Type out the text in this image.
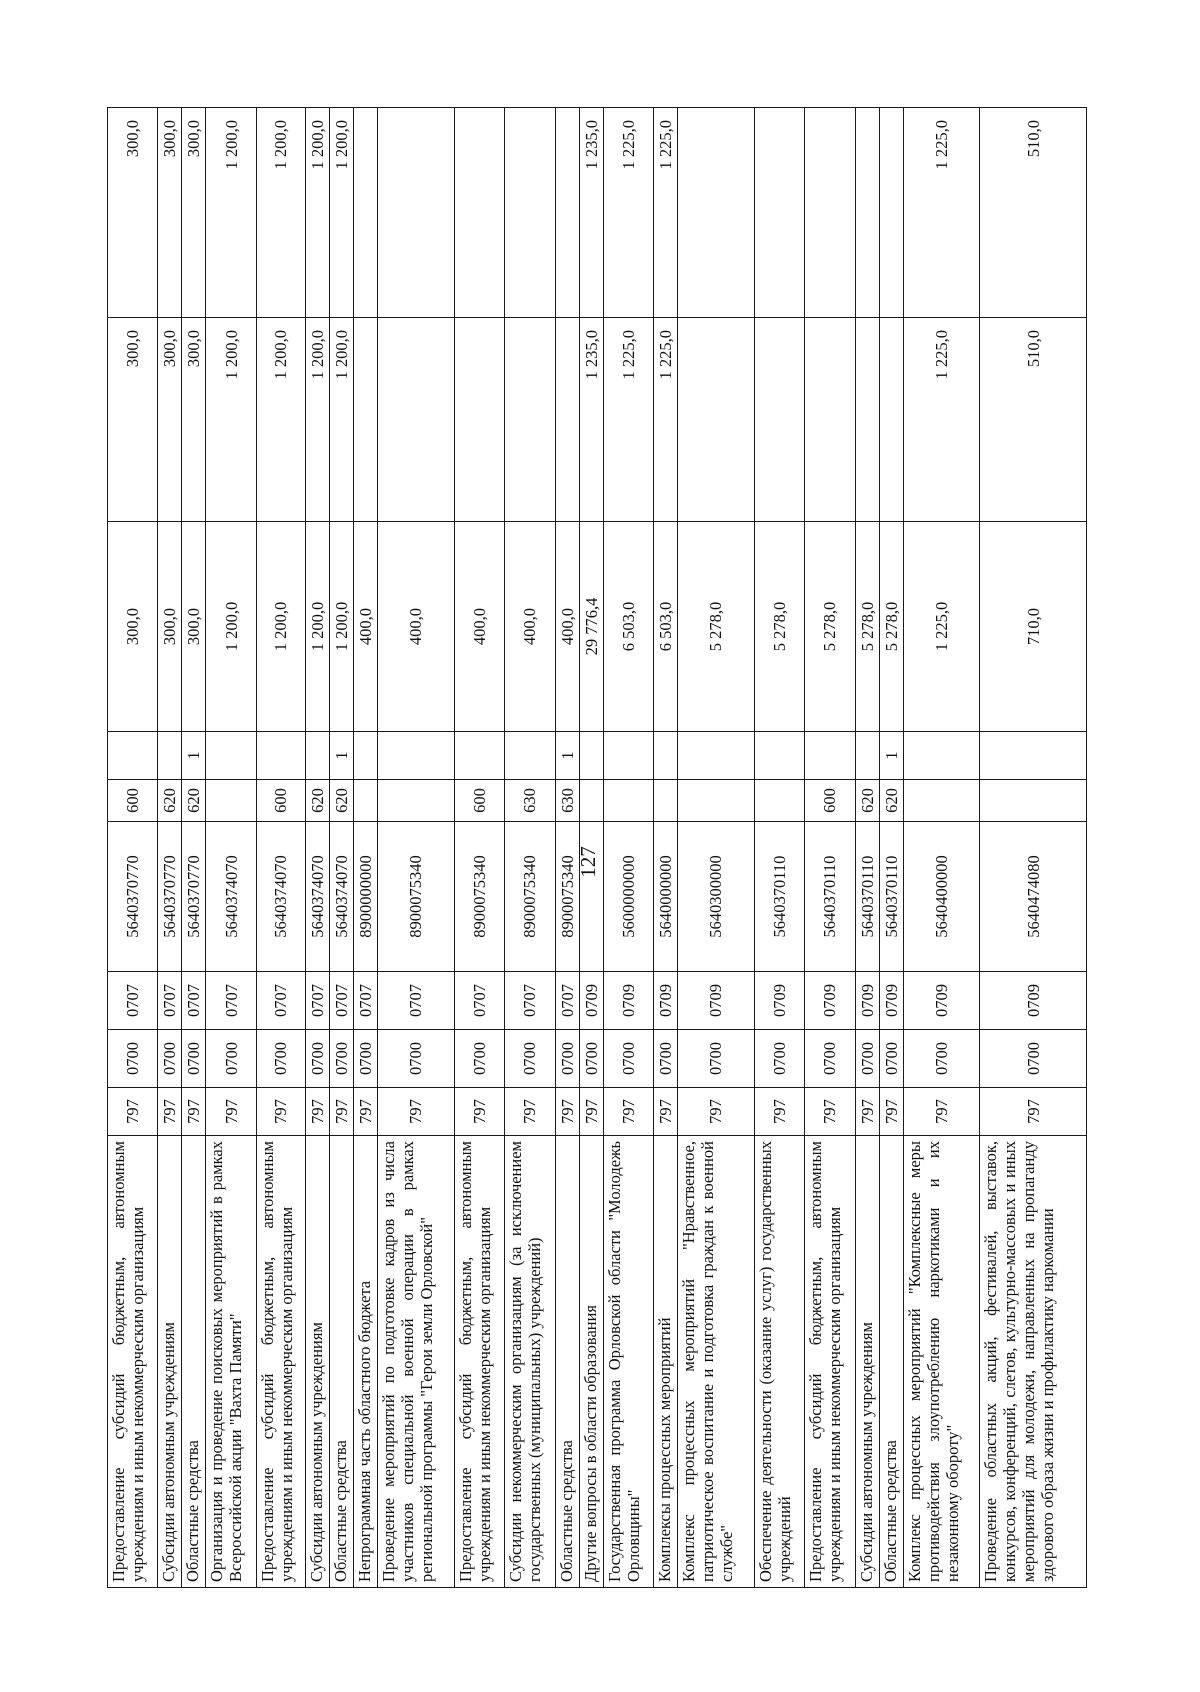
127
Предоставление субсидий бюджетным, автономным учреждениям и иным некоммерческим организациям	797	0700	0707	5640370770	600		300,0	300,0	300,0
Субсидии автономным учреждениям	797	0700	0707	5640370770	620		300,0	300,0	300,0
Областные средства	797	0700	0707	5640370770	620	1	300,0	300,0	300,0
Организация и проведение поисковых мероприятий в рамках Всероссийской акции "Вахта Памяти"	797	0700	0707	5640374070			1 200,0	1 200,0	1 200,0
Предоставление субсидий бюджетным, автономным учреждениям и иным некоммерческим организациям	797	0700	0707	5640374070	600		1 200,0	1 200,0	1 200,0
Субсидии автономным учреждениям	797	0700	0707	5640374070	620		1 200,0	1 200,0	1 200,0
Областные средства	797	0700	0707	5640374070	620	1	1 200,0	1 200,0	1 200,0
Непрограммная часть областного бюджета	797	0700	0707	8900000000			400,0		
Проведение мероприятий по подготовке кадров из числа участников специальной военной операции в рамках региональной программы "Герои земли Орловской"	797	0700	0707	8900075340			400,0		
Предоставление субсидий бюджетным, автономным учреждениям и иным некоммерческим организациям	797	0700	0707	8900075340	600		400,0		
Субсидии некоммерческим организациям (за исключением государственных (муниципальных) учреждений)	797	0700	0707	8900075340	630		400,0		
Областные средства	797	0700	0707	8900075340	630	1	400,0		
Другие вопросы в области образования	797	0700	0709				29 776,4	1 235,0	1 235,0
Государственная программа Орловской области "Молодежь Орловщины"	797	0700	0709	5600000000			6 503,0	1 225,0	1 225,0
Комплексы процессных мероприятий	797	0700	0709	5640000000			6 503,0	1 225,0	1 225,0
Комплекс процессных мероприятий "Нравственное, патриотическое воспитание и подготовка граждан к военной службе"	797	0700	0709	5640300000			5 278,0		
Обеспечение деятельности (оказание услуг) государственных учреждений	797	0700	0709	5640370110			5 278,0		
Предоставление субсидий бюджетным, автономным учреждениям и иным некоммерческим организациям	797	0700	0709	5640370110	600		5 278,0		
Субсидии автономным учреждениям	797	0700	0709	5640370110	620		5 278,0		
Областные средства	797	0700	0709	5640370110	620	1	5 278,0		
Комплекс процессных мероприятий "Комплексные меры противодействия злоупотреблению наркотиками и их незаконному обороту"	797	0700	0709	5640400000			1 225,0	1 225,0	1 225,0
Проведение областных акций, фестивалей, выставок, конкурсов, конференций, слетов, культурно-массовых и иных мероприятий для молодежи, направленных на пропаганду здорового образа жизни и профилактику наркомании	797	0700	0709	5640474080			710,0	510,0	510,0
